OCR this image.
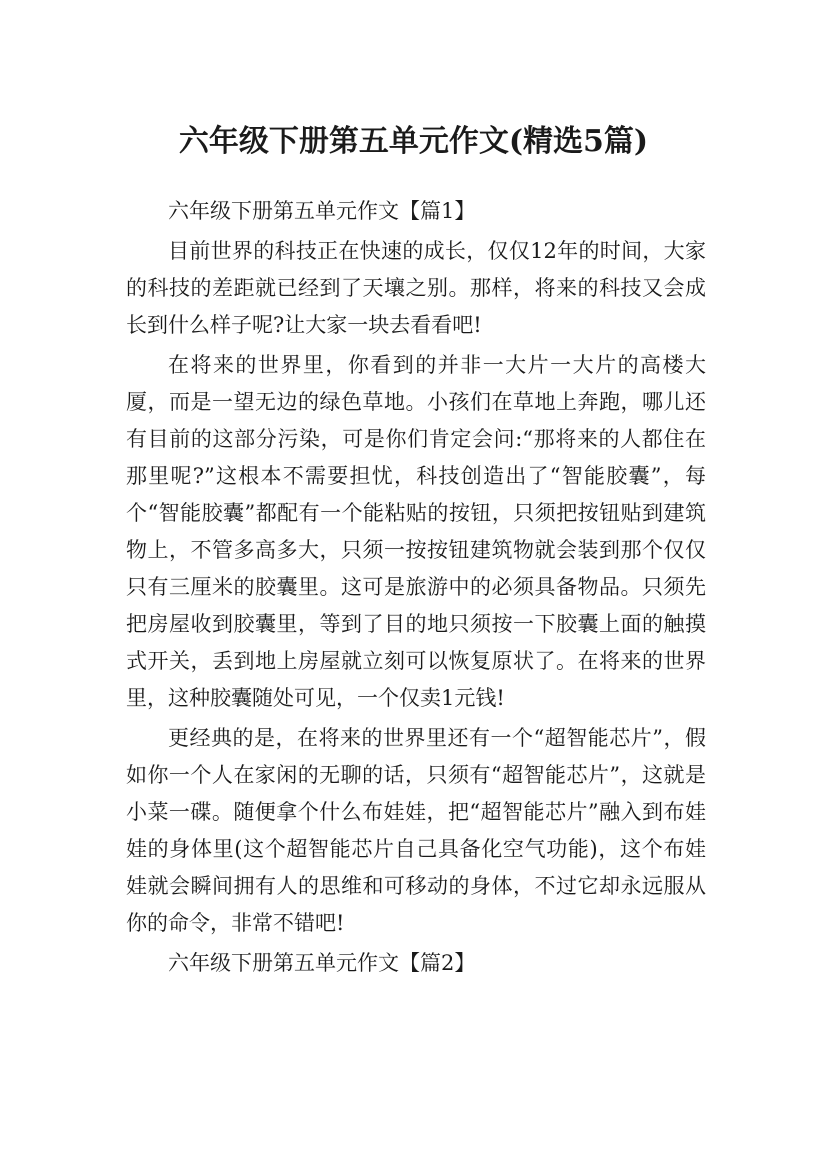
六年级下册第五单元作文(精选5篇)

六年级下册第五单元作文【篇1】

目前世界的科技正在快速的成长，仅仅12年的时间，大家的科技的差距就已经到了天壤之别。那样，将来的科技又会成长到什么样子呢?让大家一块去看看吧!

在将来的世界里，你看到的并非一大片一大片的高楼大厦，而是一望无边的绿色草地。小孩们在草地上奔跑，哪儿还有目前的这部分污染，可是你们肯定会问:“那将来的人都住在那里呢?”这根本不需要担忧，科技创造出了“智能胶囊”，每个“智能胶囊”都配有一个能粘贴的按钮，只须把按钮贴到建筑物上，不管多高多大，只须一按按钮建筑物就会装到那个仅仅只有三厘米的胶囊里。这可是旅游中的必须具备物品。只须先把房屋收到胶囊里，等到了目的地只须按一下胶囊上面的触摸式开关，丢到地上房屋就立刻可以恢复原状了。在将来的世界里，这种胶囊随处可见，一个仅卖1元钱!

更经典的是，在将来的世界里还有一个“超智能芯片”，假如你一个人在家闲的无聊的话，只须有“超智能芯片”，这就是小菜一碟。随便拿个什么布娃娃，把“超智能芯片”融入到布娃娃的身体里(这个超智能芯片自己具备化空气功能)，这个布娃娃就会瞬间拥有人的思维和可移动的身体，不过它却永远服从你的命令，非常不错吧!

六年级下册第五单元作文【篇2】
